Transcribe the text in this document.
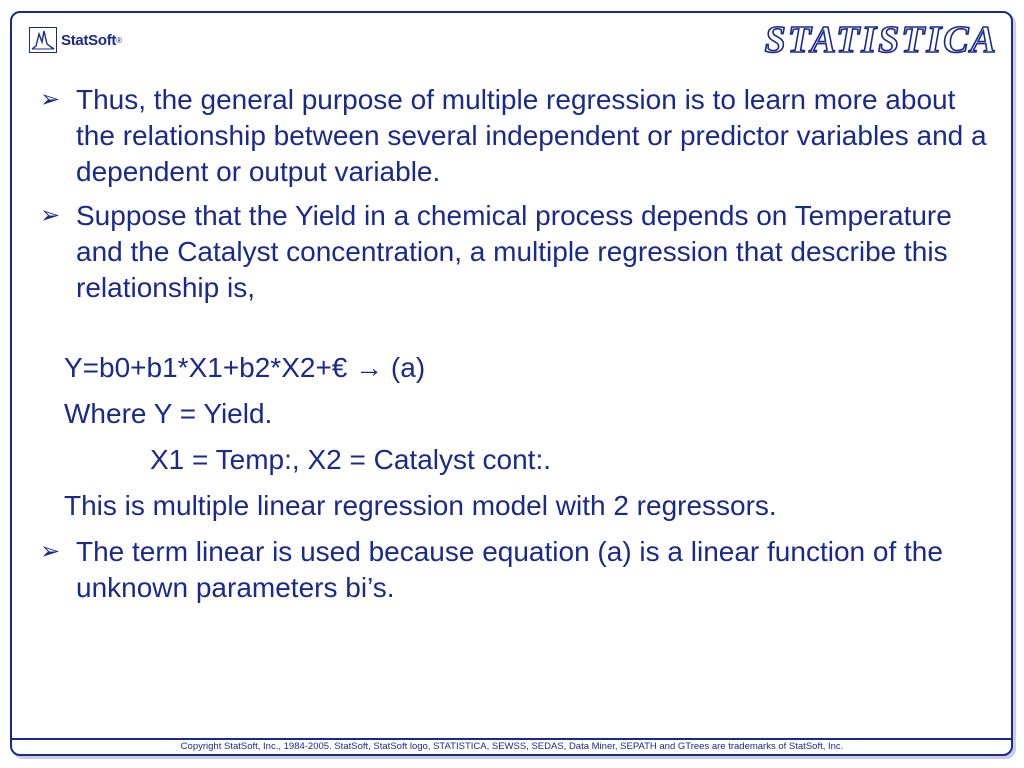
StatSoft ®	STATISTICA
➢ Thus, the general purpose of multiple regression is to learn more about the relationship between several independent or predictor variables and a dependent or output variable.
➢ Suppose that the Yield in a chemical process depends on Temperature and the Catalyst concentration, a multiple regression that describe this relationship is,
Y=b0+b1*X1+b2*X2+€ → (a)
Where Y = Yield.
X1 = Temp:, X2 = Catalyst cont:.
This is multiple linear regression model with 2 regressors.
➢ The term linear is used because equation (a) is a linear function of the unknown parameters bi’s.
Copyright StatSoft, Inc., 1984-2005. StatSoft, StatSoft logo, STATISTICA, SEWSS, SEDAS, Data Miner, SEPATH and GTrees are trademarks of StatSoft, Inc.
